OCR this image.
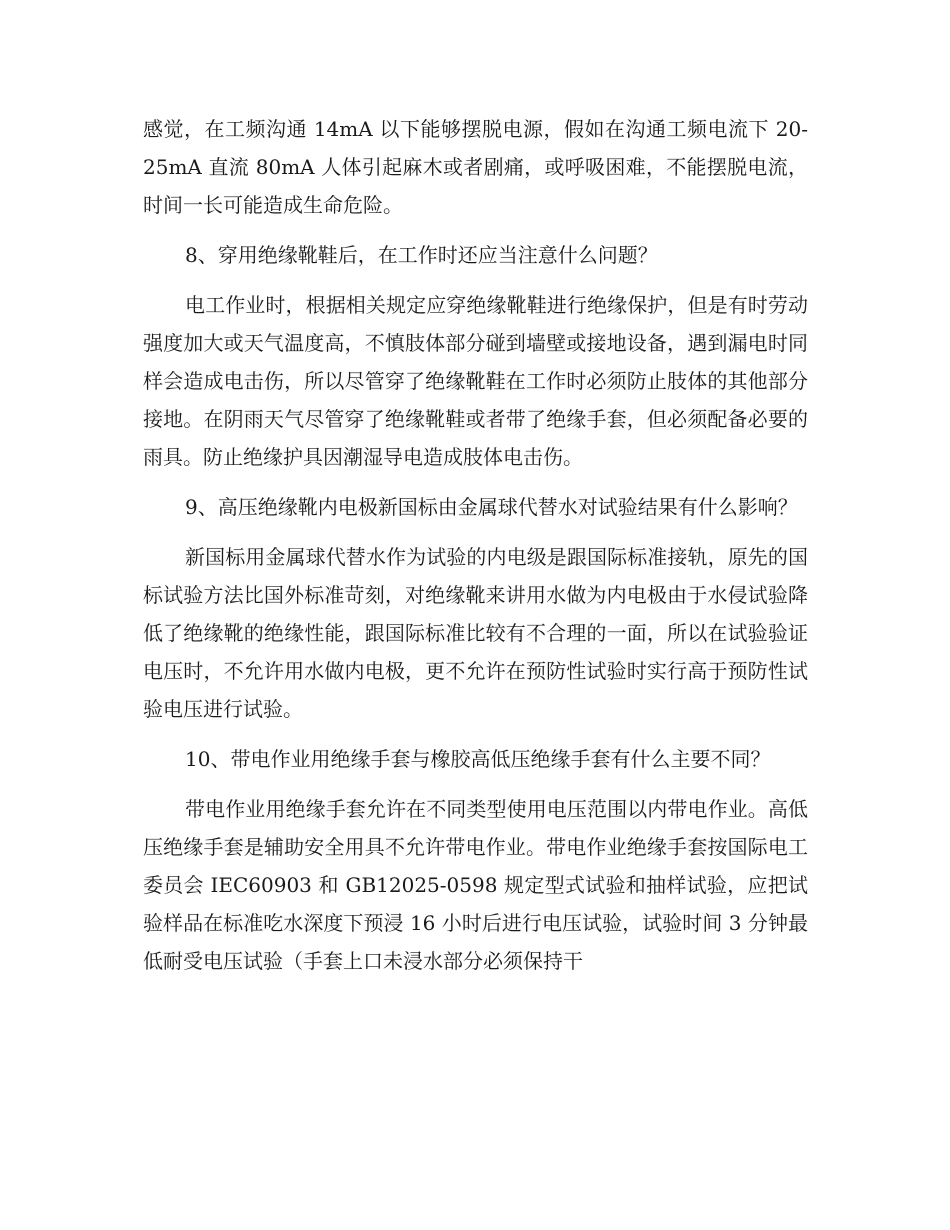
感觉，在工频沟通 14mA 以下能够摆脱电源，假如在沟通工频电流下 20-25mA 直流 80mA 人体引起麻木或者剧痛，或呼吸困难，不能摆脱电流，时间一长可能造成生命危险。

8、穿用绝缘靴鞋后，在工作时还应当注意什么问题？

电工作业时，根据相关规定应穿绝缘靴鞋进行绝缘保护，但是有时劳动强度加大或天气温度高，不慎肢体部分碰到墙壁或接地设备，遇到漏电时同样会造成电击伤，所以尽管穿了绝缘靴鞋在工作时必须防止肢体的其他部分接地。在阴雨天气尽管穿了绝缘靴鞋或者带了绝缘手套，但必须配备必要的雨具。防止绝缘护具因潮湿导电造成肢体电击伤。

9、高压绝缘靴内电极新国标由金属球代替水对试验结果有什么影响？

新国标用金属球代替水作为试验的内电级是跟国际标准接轨，原先的国标试验方法比国外标准苛刻，对绝缘靴来讲用水做为内电极由于水侵试验降低了绝缘靴的绝缘性能，跟国际标准比较有不合理的一面，所以在试验验证电压时，不允许用水做内电极，更不允许在预防性试验时实行高于预防性试验电压进行试验。

10、带电作业用绝缘手套与橡胶高低压绝缘手套有什么主要不同？

带电作业用绝缘手套允许在不同类型使用电压范围以内带电作业。高低压绝缘手套是辅助安全用具不允许带电作业。带电作业绝缘手套按国际电工委员会 IEC60903 和 GB12025-0598 规定型式试验和抽样试验，应把试验样品在标准吃水深度下预浸 16 小时后进行电压试验，试验时间 3 分钟最低耐受电压试验（手套上口未浸水部分必须保持干
